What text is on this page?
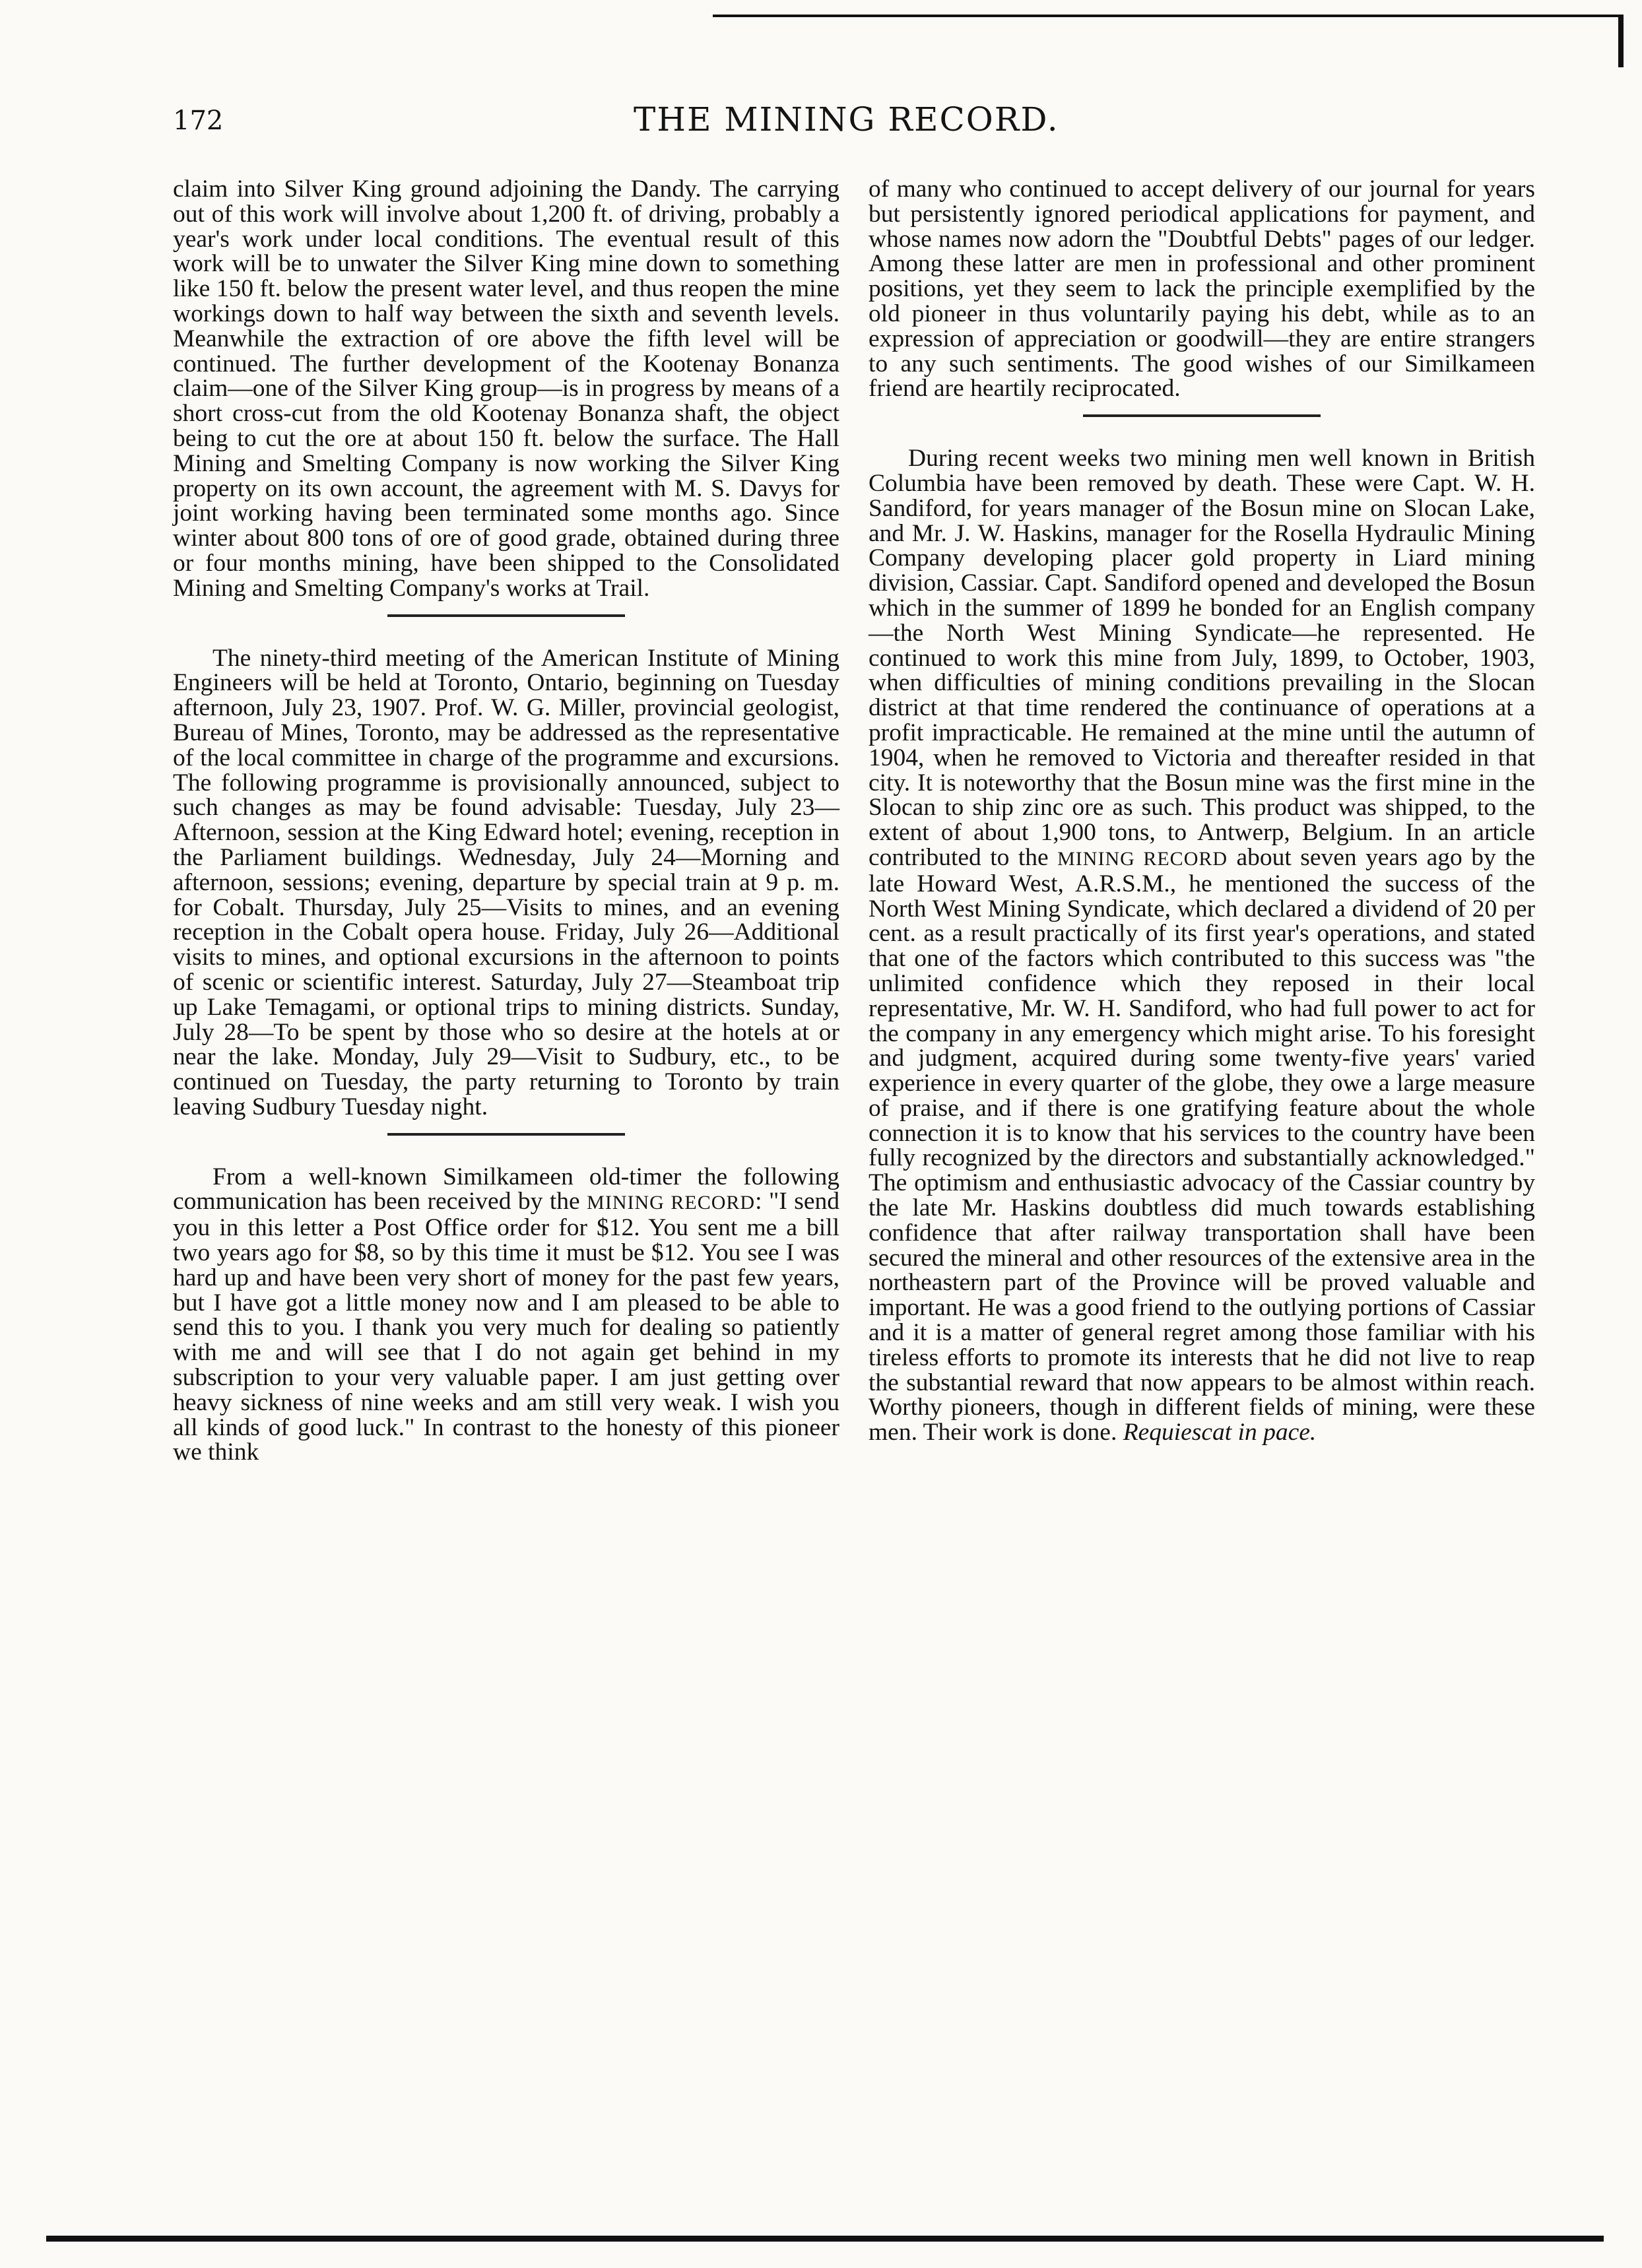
172	THE MINING RECORD.

claim into Silver King ground adjoining the Dandy. The carrying out of this work will involve about 1,200 ft. of driving, probably a year's work under local conditions. The eventual result of this work will be to unwater the Silver King mine down to something like 150 ft. below the present water level, and thus reopen the mine workings down to half way between the sixth and seventh levels. Meanwhile the extraction of ore above the fifth level will be continued. The further development of the Kootenay Bonanza claim—one of the Silver King group—is in progress by means of a short cross-cut from the old Kootenay Bonanza shaft, the object being to cut the ore at about 150 ft. below the surface. The Hall Mining and Smelting Company is now working the Silver King property on its own account, the agreement with M. S. Davys for joint working having been terminated some months ago. Since winter about 800 tons of ore of good grade, obtained during three or four months mining, have been shipped to the Consolidated Mining and Smelting Company's works at Trail.

The ninety-third meeting of the American Institute of Mining Engineers will be held at Toronto, Ontario, beginning on Tuesday afternoon, July 23, 1907. Prof. W. G. Miller, provincial geologist, Bureau of Mines, Toronto, may be addressed as the representative of the local committee in charge of the programme and excursions. The following programme is provisionally announced, subject to such changes as may be found advisable: Tuesday, July 23—Afternoon, session at the King Edward hotel; evening, reception in the Parliament buildings. Wednesday, July 24—Morning and afternoon, sessions; evening, departure by special train at 9 p. m. for Cobalt. Thursday, July 25—Visits to mines, and an evening reception in the Cobalt opera house. Friday, July 26—Additional visits to mines, and optional excursions in the afternoon to points of scenic or scientific interest. Saturday, July 27—Steamboat trip up Lake Temagami, or optional trips to mining districts. Sunday, July 28—To be spent by those who so desire at the hotels at or near the lake. Monday, July 29—Visit to Sudbury, etc., to be continued on Tuesday, the party returning to Toronto by train leaving Sudbury Tuesday night.

From a well-known Similkameen old-timer the following communication has been received by the MINING RECORD: "I send you in this letter a Post Office order for $12. You sent me a bill two years ago for $8, so by this time it must be $12. You see I was hard up and have been very short of money for the past few years, but I have got a little money now and I am pleased to be able to send this to you. I thank you very much for dealing so patiently with me and will see that I do not again get behind in my subscription to your very valuable paper. I am just getting over heavy sickness of nine weeks and am still very weak. I wish you all kinds of good luck." In contrast to the honesty of this pioneer we think

of many who continued to accept delivery of our journal for years but persistently ignored periodical applications for payment, and whose names now adorn the "Doubtful Debts" pages of our ledger. Among these latter are men in professional and other prominent positions, yet they seem to lack the principle exemplified by the old pioneer in thus voluntarily paying his debt, while as to an expression of appreciation or goodwill—they are entire strangers to any such sentiments. The good wishes of our Similkameen friend are heartily reciprocated.

During recent weeks two mining men well known in British Columbia have been removed by death. These were Capt. W. H. Sandiford, for years manager of the Bosun mine on Slocan Lake, and Mr. J. W. Haskins, manager for the Rosella Hydraulic Mining Company developing placer gold property in Liard mining division, Cassiar. Capt. Sandiford opened and developed the Bosun which in the summer of 1899 he bonded for an English company—the North West Mining Syndicate—he represented. He continued to work this mine from July, 1899, to October, 1903, when difficulties of mining conditions prevailing in the Slocan district at that time rendered the continuance of operations at a profit impracticable. He remained at the mine until the autumn of 1904, when he removed to Victoria and thereafter resided in that city. It is noteworthy that the Bosun mine was the first mine in the Slocan to ship zinc ore as such. This product was shipped, to the extent of about 1,900 tons, to Antwerp, Belgium. In an article contributed to the MINING RECORD about seven years ago by the late Howard West, A.R.S.M., he mentioned the success of the North West Mining Syndicate, which declared a dividend of 20 per cent. as a result practically of its first year's operations, and stated that one of the factors which contributed to this success was "the unlimited confidence which they reposed in their local representative, Mr. W. H. Sandiford, who had full power to act for the company in any emergency which might arise. To his foresight and judgment, acquired during some twenty-five years' varied experience in every quarter of the globe, they owe a large measure of praise, and if there is one gratifying feature about the whole connection it is to know that his services to the country have been fully recognized by the directors and substantially acknowledged." The optimism and enthusiastic advocacy of the Cassiar country by the late Mr. Haskins doubtless did much towards establishing confidence that after railway transportation shall have been secured the mineral and other resources of the extensive area in the northeastern part of the Province will be proved valuable and important. He was a good friend to the outlying portions of Cassiar and it is a matter of general regret among those familiar with his tireless efforts to promote its interests that he did not live to reap the substantial reward that now appears to be almost within reach. Worthy pioneers, though in different fields of mining, were these men. Their work is done. Requiescat in pace.
